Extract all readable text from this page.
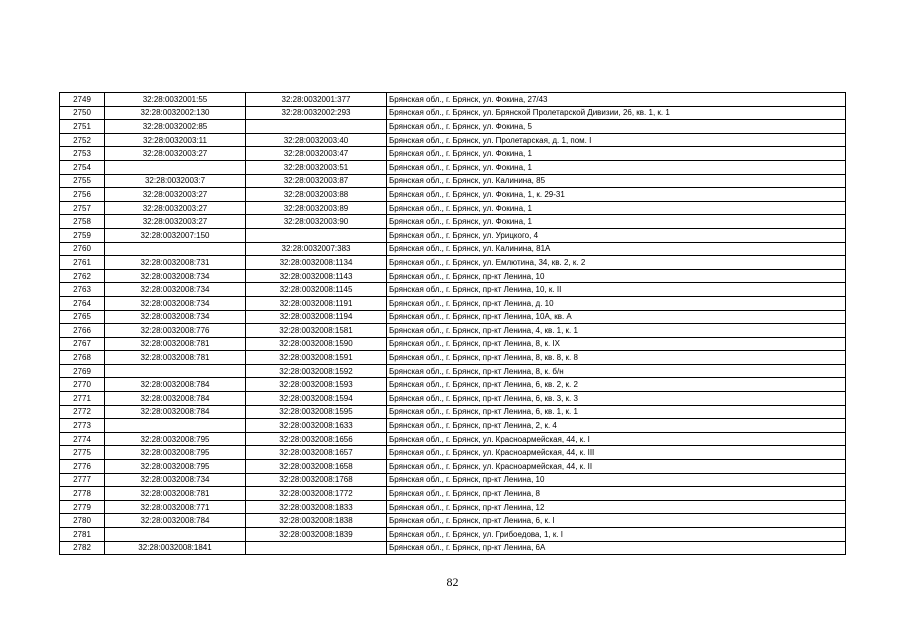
2749	32:28:0032001:55	32:28:0032001:377	Брянская обл., г. Брянск, ул. Фокина, 27/43
2750	32:28:0032002:130	32:28:0032002:293	Брянская обл., г. Брянск, ул. Брянской Пролетарской Дивизии, 26, кв. 1, к. 1
2751	32:28:0032002:85		Брянская обл., г. Брянск, ул. Фокина, 5
2752	32:28:0032003:11	32:28:0032003:40	Брянская обл., г. Брянск, ул. Пролетарская, д. 1, пом. I
2753	32:28:0032003:27	32:28:0032003:47	Брянская обл., г. Брянск, ул. Фокина, 1
2754		32:28:0032003:51	Брянская обл., г. Брянск, ул. Фокина, 1
2755	32:28:0032003:7	32:28:0032003:87	Брянская обл., г. Брянск, ул. Калинина, 85
2756	32:28:0032003:27	32:28:0032003:88	Брянская обл., г. Брянск, ул. Фокина, 1, к. 29-31
2757	32:28:0032003:27	32:28:0032003:89	Брянская обл., г. Брянск, ул. Фокина, 1
2758	32:28:0032003:27	32:28:0032003:90	Брянская обл., г. Брянск, ул. Фокина, 1
2759	32:28:0032007:150		Брянская обл., г. Брянск, ул. Урицкого, 4
2760		32:28:0032007:383	Брянская обл., г. Брянск, ул. Калинина, 81А
2761	32:28:0032008:731	32:28:0032008:1134	Брянская обл., г. Брянск, ул. Емлютина, 34, кв. 2, к. 2
2762	32:28:0032008:734	32:28:0032008:1143	Брянская обл., г. Брянск, пр-кт Ленина, 10
2763	32:28:0032008:734	32:28:0032008:1145	Брянская обл., г. Брянск, пр-кт Ленина, 10, к. II
2764	32:28:0032008:734	32:28:0032008:1191	Брянская обл., г. Брянск, пр-кт Ленина, д. 10
2765	32:28:0032008:734	32:28:0032008:1194	Брянская обл., г. Брянск, пр-кт Ленина, 10А, кв. А
2766	32:28:0032008:776	32:28:0032008:1581	Брянская обл., г. Брянск, пр-кт Ленина, 4, кв. 1, к. 1
2767	32:28:0032008:781	32:28:0032008:1590	Брянская обл., г. Брянск, пр-кт Ленина, 8, к. IX
2768	32:28:0032008:781	32:28:0032008:1591	Брянская обл., г. Брянск, пр-кт Ленина, 8, кв. 8, к. 8
2769		32:28:0032008:1592	Брянская обл., г. Брянск, пр-кт Ленина, 8, к. б/н
2770	32:28:0032008:784	32:28:0032008:1593	Брянская обл., г. Брянск, пр-кт Ленина, 6, кв. 2, к. 2
2771	32:28:0032008:784	32:28:0032008:1594	Брянская обл., г. Брянск, пр-кт Ленина, 6, кв. 3, к. 3
2772	32:28:0032008:784	32:28:0032008:1595	Брянская обл., г. Брянск, пр-кт Ленина, 6, кв. 1, к. 1
2773		32:28:0032008:1633	Брянская обл., г. Брянск, пр-кт Ленина, 2, к. 4
2774	32:28:0032008:795	32:28:0032008:1656	Брянская обл., г. Брянск, ул. Красноармейская, 44, к. I
2775	32:28:0032008:795	32:28:0032008:1657	Брянская обл., г. Брянск, ул. Красноармейская, 44, к. III
2776	32:28:0032008:795	32:28:0032008:1658	Брянская обл., г. Брянск, ул. Красноармейская, 44, к. II
2777	32:28:0032008:734	32:28:0032008:1768	Брянская обл., г. Брянск, пр-кт Ленина, 10
2778	32:28:0032008:781	32:28:0032008:1772	Брянская обл., г. Брянск, пр-кт Ленина, 8
2779	32:28:0032008:771	32:28:0032008:1833	Брянская обл., г. Брянск, пр-кт Ленина, 12
2780	32:28:0032008:784	32:28:0032008:1838	Брянская обл., г. Брянск, пр-кт Ленина, 6, к. I
2781		32:28:0032008:1839	Брянская обл., г. Брянск, ул. Грибоедова, 1, к. I
2782	32:28:0032008:1841		Брянская обл., г. Брянск, пр-кт Ленина, 6А
82
